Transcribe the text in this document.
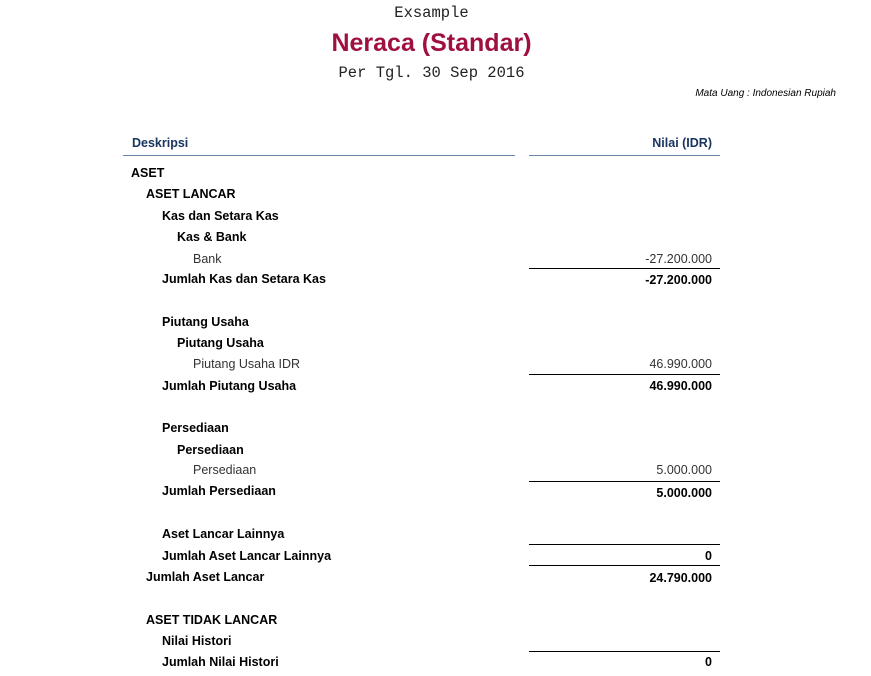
Exsample
Neraca (Standar)
Per Tgl. 30 Sep 2016
Mata Uang : Indonesian Rupiah
Deskripsi	Nilai (IDR)
ASET
ASET LANCAR
Kas dan Setara Kas
Kas & Bank
Bank	-27.200.000
Jumlah Kas dan Setara Kas	-27.200.000
Piutang Usaha
Piutang Usaha
Piutang Usaha IDR	46.990.000
Jumlah Piutang Usaha	46.990.000
Persediaan
Persediaan
Persediaan	5.000.000
Jumlah Persediaan	5.000.000
Aset Lancar Lainnya
Jumlah Aset Lancar Lainnya	0
Jumlah Aset Lancar	24.790.000
ASET TIDAK LANCAR
Nilai Histori
Jumlah Nilai Histori	0
